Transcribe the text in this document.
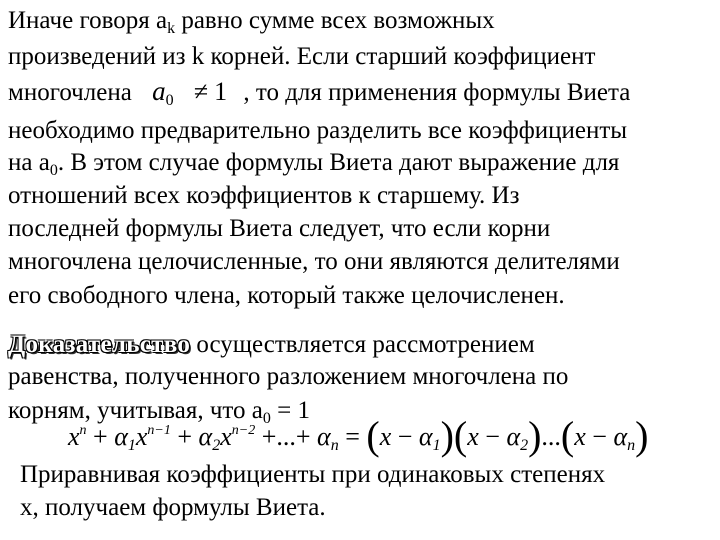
Иначе говоря $a_k$ равно сумме всех возможных
произведений из k корней. Если старший коэффициент
многочлена $a_0 \ne 1$ , то для применения формулы Виета
необходимо предварительно разделить все коэффициенты
на $a_0$. В этом случае формулы Виета дают выражение для
отношений всех коэффициентов к старшему. Из
последней формулы Виета следует, что если корни
многочлена целочисленные, то они являются делителями
его свободного члена, который также целочисленен.
Доказательство осуществляется рассмотрением
равенства, полученного разложением многочлена по
корням, учитывая, что $a_0 = 1$
$x^n + \alpha_1x^{n-1} + \alpha_2x^{n-2}$ +...+ $\alpha_n = (x - \alpha_1)(x - \alpha_2)...(x - \alpha_n)$
Приравнивая коэффициенты при одинаковых степенях
x, получаем формулы Виета.
